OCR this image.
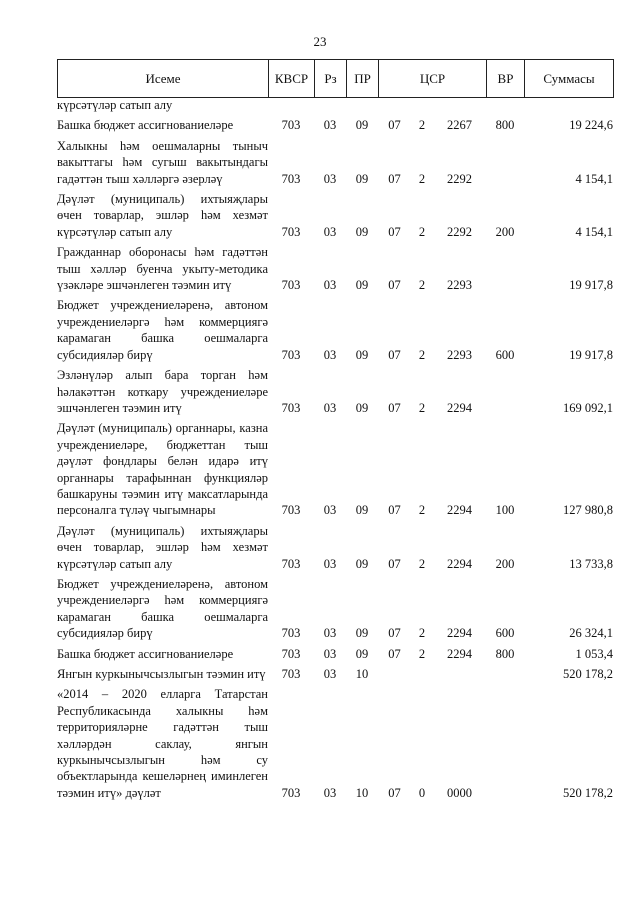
23
Исеме	КВСР	Рз	ПР	ЦСР	ВР	Суммасы
күрсәтүләр сатып алу								
Башка бюджет ассигнованиеләре	703	03	09	07	2	2267	800	19 224,6
Халыкны һәм оешмаларны тыныч вакыттагы һәм сугыш вакытындагы гадәттән тыш хәлләргә әзерләү	703	03	09	07	2	2292		4 154,1
Дәүләт (муниципаль) ихтыяҗлары өчен товарлар, эшләр һәм хезмәт күрсәтүләр сатып алу	703	03	09	07	2	2292	200	4 154,1
Гражданнар оборонасы һәм гадәттән тыш хәлләр буенча укыту-методика үзәкләре эшчәнлеген тәэмин итү	703	03	09	07	2	2293		19 917,8
Бюджет учреждениеләренә, автоном учреждениеләргә һәм коммерциягә карамаган башка оешмаларга субсидияләр бирү	703	03	09	07	2	2293	600	19 917,8
Эзләнүләр алып бара торган һәм һәлакәттән коткару учреждениеләре эшчәнлеген тәэмин итү	703	03	09	07	2	2294		169 092,1
Дәүләт (муниципаль) органнары, казна учреждениеләре, бюджеттан тыш дәүләт фондлары белән идарә итү органнары тарафыннан функцияләр башкаруны тәэмин итү максатларында персоналга түләү чыгымнары	703	03	09	07	2	2294	100	127 980,8
Дәүләт (муниципаль) ихтыяҗлары өчен товарлар, эшләр һәм хезмәт күрсәтүләр сатып алу	703	03	09	07	2	2294	200	13 733,8
Бюджет учреждениеләренә, автоном учреждениеләргә һәм коммерциягә карамаган башка оешмаларга субсидияләр бирү	703	03	09	07	2	2294	600	26 324,1
Башка бюджет ассигнованиеләре	703	03	09	07	2	2294	800	1 053,4
Янгын куркынычсызлыгын тәэмин итү	703	03	10					520 178,2
«2014 – 2020 елларга Татарстан Республикасында халыкны һәм территорияләрне гадәттән тыш хәлләрдән саклау, янгын куркынычсызлыгын һәм су объектларында кешеләрнең иминлеген тәэмин итү» дәүләт	703	03	10	07	0	0000		520 178,2
